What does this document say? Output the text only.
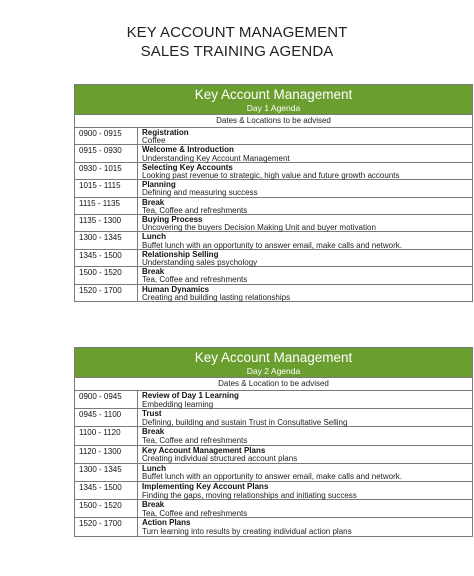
KEY ACCOUNT MANAGEMENT
SALES TRAINING AGENDA
Key Account Management
Day 1 Agenda
Dates & Locations to be advised
0900 - 0915	Registration
Coffee
0915 - 0930	Welcome & Introduction
Understanding Key Account Management
0930 - 1015	Selecting Key Accounts
Looking past revenue to strategic, high value and future growth accounts
1015 - 1115	Planning
Defining and measuring success
1115 - 1135	Break
Tea, Coffee and refreshments
1135 - 1300	Buying Process
Uncovering the buyers Decision Making Unit and buyer motivation
1300 - 1345	Lunch
Buffet lunch with an opportunity to answer email, make calls and network.
1345 - 1500	Relationship Selling
Understanding sales psychology
1500 - 1520	Break
Tea, Coffee and refreshments
1520 - 1700	Human Dynamics
Creating and building lasting relationships
Key Account Management
Day 2 Agenda
Dates & Location to be advised
0900 - 0945	Review of Day 1 Learning
Embedding learning
0945 - 1100	Trust
Defining, building and sustain Trust in Consultative Selling
1100 - 1120	Break
Tea, Coffee and refreshments
1120 - 1300	Key Account Management Plans
Creating individual structured account plans
1300 - 1345	Lunch
Buffet lunch with an opportunity to answer email, make calls and network.
1345 - 1500	Implementing Key Account Plans
Finding the gaps, moving relationships and initiating success
1500 - 1520	Break
Tea, Coffee and refreshments
1520 - 1700	Action Plans
Turn learning into results by creating individual action plans
